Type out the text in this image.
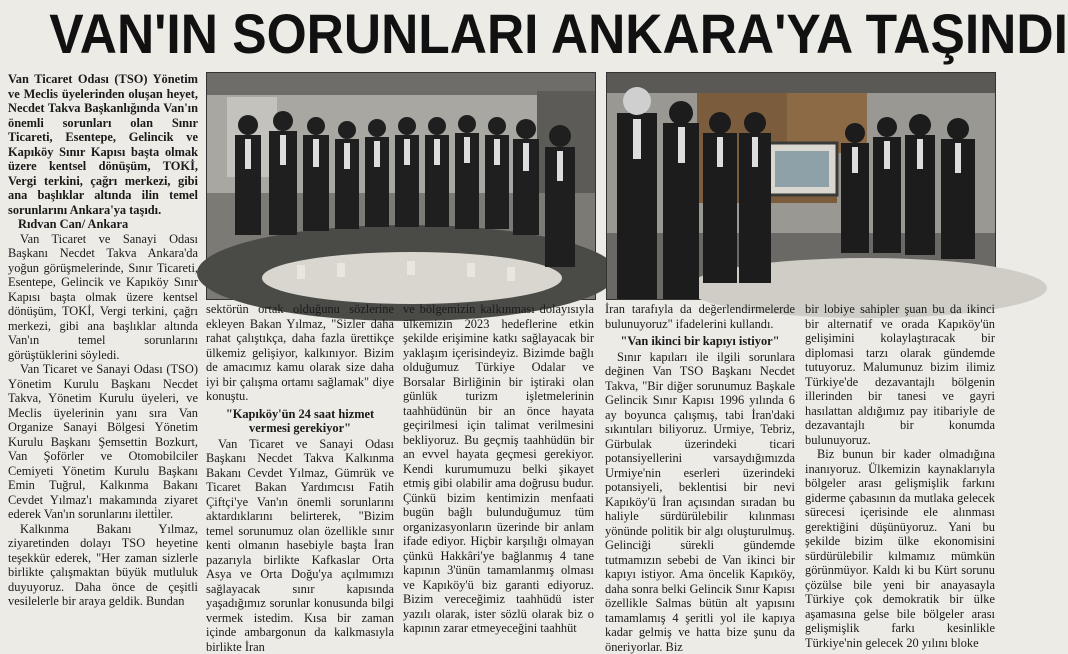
VAN'IN SORUNLARI ANKARA'YA TAŞINDI

Van Ticaret Odası (TSO) Yönetim ve Meclis üyelerinden oluşan heyet, Necdet Takva Başkanlığında Van'ın önemli sorunları olan Sınır Ticareti, Esentepe, Gelincik ve Kapıköy Sınır Kapısı başta olmak üzere kentsel dönüşüm, TOKİ, Vergi terkini, çağrı merkezi, gibi ana başlıklar altında ilin temel sorunlarını Ankara'ya taşıdı.

Rıdvan Can/ Ankara

Van Ticaret ve Sanayi Odası Başkanı Necdet Takva Ankara'da yoğun görüşmelerinde, Sınır Ticareti, Esentepe, Gelincik ve Kapıköy Sınır Kapısı başta olmak üzere kentsel dönüşüm, TOKİ, Vergi terkini, çağrı merkezi, gibi ana başlıklar altında Van'ın temel sorunlarını görüştüklerini söyledi.

Van Ticaret ve Sanayi Odası (TSO) Yönetim Kurulu Başkanı Necdet Takva, Yönetim Kurulu üyeleri, ve Meclis üyelerinin yanı sıra Van Organize Sanayi Bölgesi Yönetim Kurulu Başkanı Şemsettin Bozkurt, Van Şoförler ve Otomobilciler Cemiyeti Yönetim Kurulu Başkanı Emin Tuğrul, Kalkınma Bakanı Cevdet Yılmaz'ı makamında ziyaret ederek Van'ın sorunlarını iletti̇ler.

Kalkınma Bakanı Yılmaz, ziyaretinden dolayı TSO heyetine teşekkür ederek, "Her zaman sizlerle birlikte çalışmaktan büyük mutluluk duyuyoruz. Daha önce de çeşitli vesilelerle bir araya geldik. Bundan

sektörün ortak olduğunu sözlerine ekleyen Bakan Yılmaz, "Sizler daha rahat çalıştıkça, daha fazla ürettikçe ülkemiz gelişiyor, kalkınıyor. Bizim de amacımız kamu olarak size daha iyi bir çalışma ortamı sağlamak" diye konuştu.

"Kapıköy'ün 24 saat hizmet vermesi gerekiyor"

Van Ticaret ve Sanayi Odası Başkanı Necdet Takva Kalkınma Bakanı Cevdet Yılmaz, Gümrük ve Ticaret Bakan Yardımcısı Fatih Çiftçi'ye Van'ın önemli sorunlarını aktardıklarını belirterek, "Bizim temel sorunumuz olan özellikle sınır kenti olmanın hasebiyle başta İran pazarıyla birlikte Kafkaslar Orta Asya ve Orta Doğu'ya açılmımızı sağlayacak sınır kapısında yaşadığımız sorunlar konusunda bilgi vermek istedim. Kısa bir zaman içinde ambargonun da kalkmasıyla birlikte İran

ve bölgemizin kalkınması dolayısıyla ülkemizin 2023 hedeflerine etkin şekilde erişimine katkı sağlayacak bir yaklaşım içerisindeyiz. Bizimde bağlı olduğumuz Türkiye Odalar ve Borsalar Birliğinin bir iştiraki olan günlük turizm işletmelerinin taahhüdünün bir an önce hayata geçirilmesi için talimat verilmesini bekliyoruz. Bu geçmiş taahhüdün bir an evvel hayata geçmesi gerekiyor. Kendi kurumumuzu belki şikayet etmiş gibi olabilir ama doğrusu budur. Çünkü bizim kentimizin menfaati bugün bağlı bulunduğumuz tüm organizasyonların üzerinde bir anlam ifade ediyor. Hiçbir karşılığı olmayan çünkü Hakkâri'ye bağlanmış 4 tane kapının 3'ünün tamamlanmış olması ve Kapıköy'ü biz garanti ediyoruz. Bizim vereceğimiz taahhüdü ister yazılı olarak, ister sözlü olarak biz o kapının zarar etmeyeceğini taahhüt

İran tarafıyla da değerlendirmelerde bulunuyoruz" ifadelerini kullandı.

"Van ikinci bir kapıyı istiyor"

Sınır kapıları ile ilgili sorunlara değinen Van TSO Başkanı Necdet Takva, "Bir diğer sorunumuz Başkale Gelincik Sınır Kapısı 1996 yılında 6 ay boyunca çalışmış, tabi İran'daki sıkıntıları biliyoruz. Urmiye, Tebriz, Gürbulak üzerindeki ticari potansiyellerini varsaydığımızda Urmiye'nin eserleri üzerindeki potansiyeli, beklentisi bir nevi Kapıköy'ü İran açısından sıradan bu haliyle sürdürülebilir kılınması yönünde politik bir algı oluşturulmuş. Gelinciği sürekli gündemde tutmamızın sebebi de Van ikinci bir kapıyı istiyor. Ama öncelik Kapıköy, daha sonra belki Gelincik Sınır Kapısı özellikle Salmas bütün alt yapısını tamamlamış 4 şeritli yol ile kapıya kadar gelmiş ve hatta bize şunu da öneriyorlar. Biz

bir lobiye sahipler şuan bu da ikinci bir alternatif ve orada Kapıköy'ün gelişimini kolaylaştıracak bir diplomasi tarzı olarak gündemde tutuyoruz. Malumunuz bizim ilimiz Türkiye'de dezavantajlı bölgenin illerinden bir tanesi ve gayri hasılattan aldığımız pay itibariyle de dezavantajlı bir konumda bulunuyoruz.

Biz bunun bir kader olmadığına inanıyoruz. Ülkemizin kaynaklarıyla bölgeler arası gelişmişlik farkını giderme çabasının da mutlaka gelecek sürecesi içerisinde ele alınması gerektiğini düşünüyoruz. Yani bu şekilde bizim ülke ekonomisini sürdürülebilir kılmamız mümkün görünmüyor. Kaldı ki bu Kürt sorunu çözülse bile yeni bir anayasayla Türkiye çok demokratik bir ülke aşamasına gelse bile bölgeler arası gelişmişlik farkı kesinlikle Türkiye'nin gelecek 20 yılını bloke
